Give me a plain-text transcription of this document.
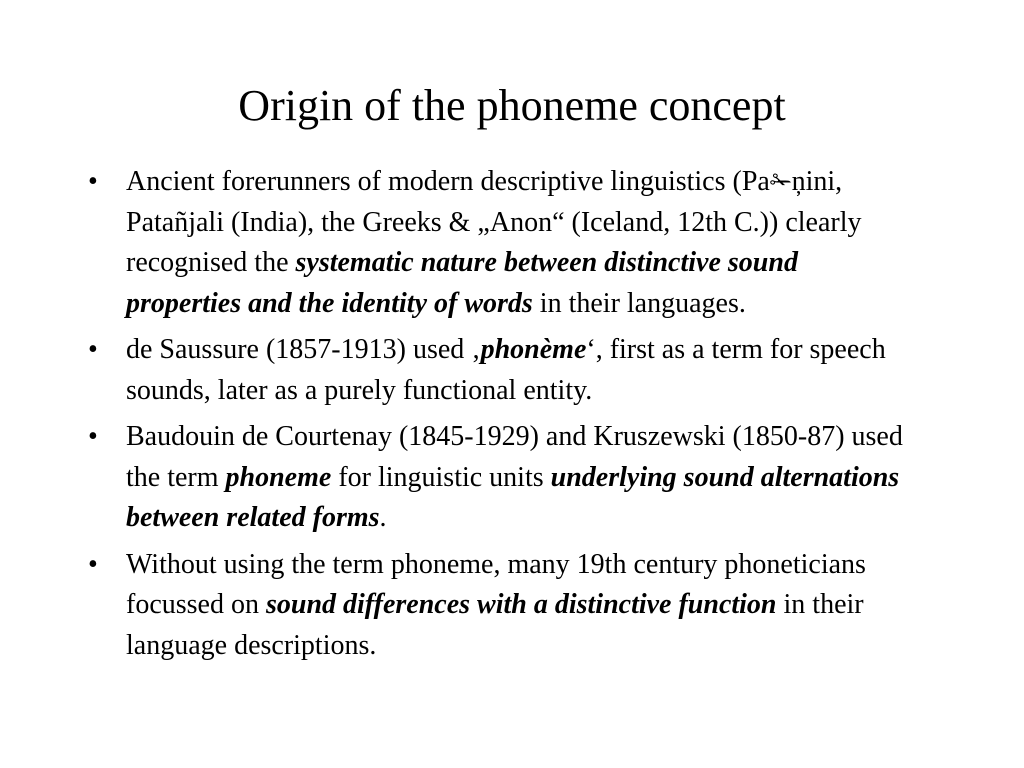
Origin of the phoneme concept
• Ancient forerunners of modern descriptive linguistics (Pa✁ņini, Patañjali (India), the Greeks & „Anon“ (Iceland, 12th C.)) clearly recognised the systematic nature between distinctive sound properties and the identity of words in their languages.
• de Saussure (1857-1913) used ‚phonème‘, first as a term for speech sounds, later as a purely functional entity.
• Baudouin de Courtenay (1845-1929) and Kruszewski (1850-87) used the term phoneme for linguistic units underlying sound alternations between related forms.
• Without using the term phoneme, many 19th century phoneticians focussed on sound differences with a distinctive function in their language descriptions.
